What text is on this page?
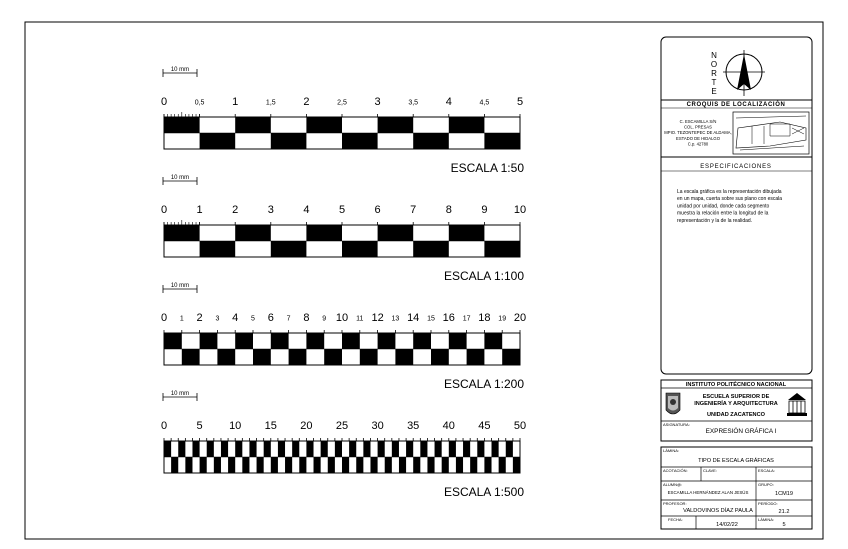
10 mm
0	0,5	1	1,5	2	2,5	3	3,5	4	4,5	5
ESCALA 1:50
10 mm
0	1	2	3	4	5	6	7	8	9 10
ESCALA 1:100
10 mm
0 1 2 3 4 5 6 7 8 9 10 11 12 13 14 15 16 17 18 19 20
ESCALA 1:200
10 mm
0	5 10 15 20 25 30 35 40 45 50
ESCALA 1:500
N
O
R
T
E
CROQUIS DE LOCALIZACIÓN
C. ESCAMILLA S/N
COL. PRESAS
MPIO. TEZONTEPEC DE ALDAMA,
ESTADO DE HIDALGO
C.p. 42780
ESPECIFICACIONES
La escala gráfica es la representación dibujada
en un mapa, cuerta sobre sus plano con escala
unidad por unidad, donde cada segmento
muestra la relación entre la longitud de la
representación y la de la realidad.
INSTITUTO POLITÉCNICO NACIONAL
ESCUELA SUPERIOR DE
INGENIERÍA Y ARQUITECTURA
UNIDAD ZACATENCO
ASIGNATURA:
EXPRESIÓN GRÁFICA I
LÁMINA:
TIPO DE ESCALA GRÁFICAS
ACOTACIÓN:	CLAVE:	ESCALA:
ALUMN@:
ESCAMILLA HERNÁNDEZ ALAN JESÚS
GRUPO:
1CM19
PROFESOR:
VALDOVINOS DÍAZ PAULA
PERÍODO:
21.2
FECHA:
14/02/22
LÁMINA:
5
